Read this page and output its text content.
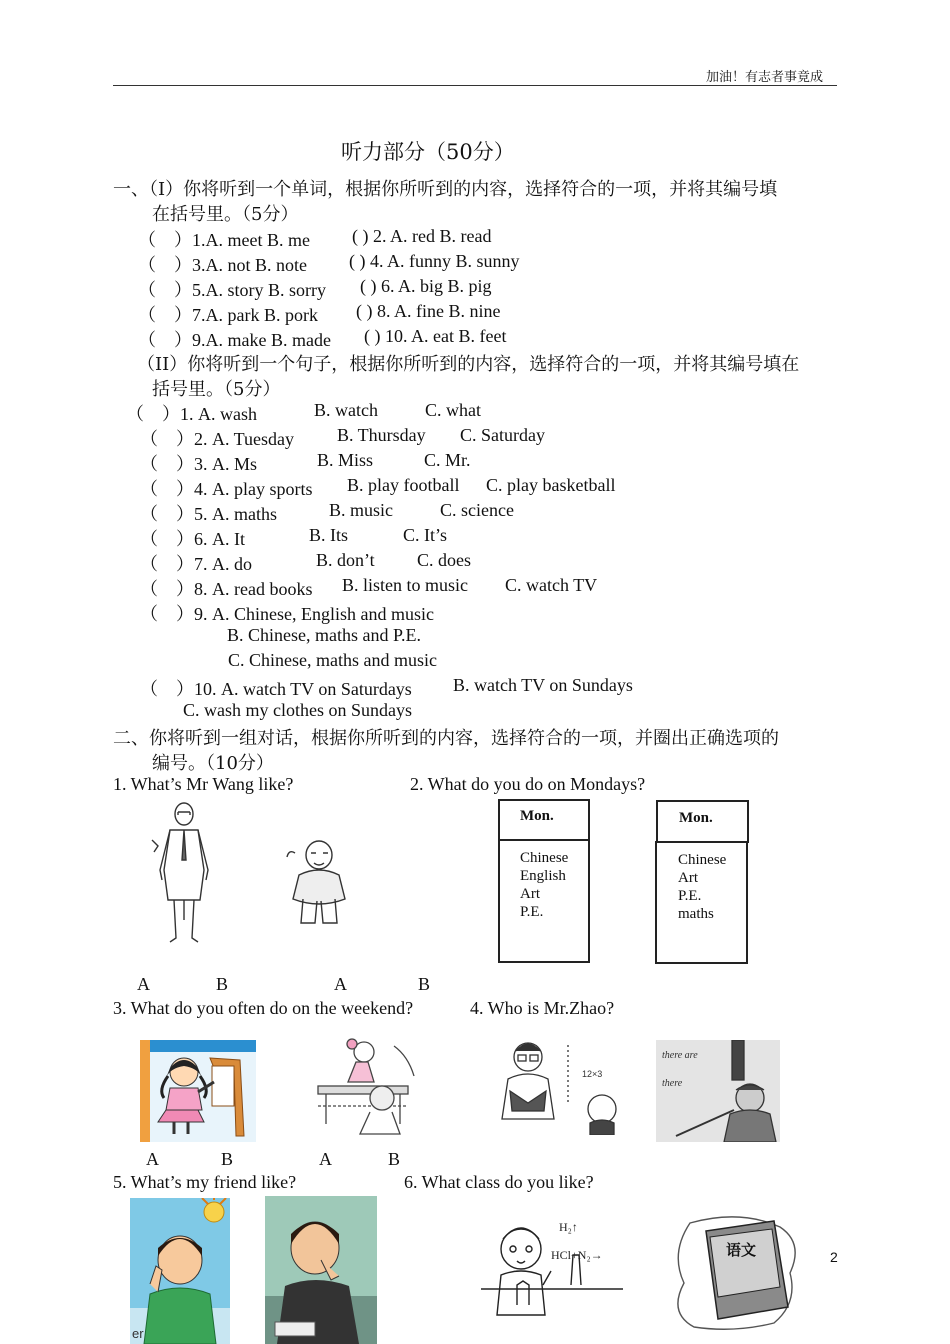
加油！有志者事竟成
听力部分（50分）
一、（I）你将听到一个单词，根据你所听到的内容，选择符合的一项，并将其编号填
在括号里。（5分）
（　）1.A. meet B. me ( ) 2. A. red B. read
（　）3.A. not B. note ( ) 4. A. funny B. sunny
（　）5.A. story B. sorry ( ) 6. A. big B. pig
（　）7.A. park B. pork ( ) 8. A. fine B. nine
（　）9.A. make B. made ( ) 10. A. eat B. feet
（II）你将听到一个句子，根据你所听到的内容，选择符合的一项，并将其编号填在
括号里。（5分）
（　）1. A. wash	B. watch	C. what
（　）2. A. Tuesday B. Thursday C. Saturday
（　）3. A. Ms	B. Miss	C. Mr.
（　）4. A. play sports B. play football C. play basketball
（　）5. A. maths	B. music	C. science
（　）6. A. It	B. Its	C. It’s
（　）7. A. do	B. don’t C. does
（　）8. A. read books B. listen to music C. watch TV
（　）9. A. Chinese, English and music
B. Chinese, maths and P.E.
C. Chinese, maths and music
（　）10. A. watch TV on Saturdays B. watch TV on Sundays
C. wash my clothes on Sundays
二、你将听到一组对话，根据你所听到的内容，选择符合的一项，并圈出正确选项的
编号。（10分）
1. What’s Mr Wang like?	2. What do you do on Mondays?
Mon.
Chinese
English
Art
P.E.
Mon.
Chinese
Art
P.E.
maths
A	B	A	B
3. What do you often do on the weekend?	4. Who is Mr.Zhao?
12×3
there are
there
A	B	A	B
5. What’s my friend like?	6. What class do you like?
er
H₂↑
HCl+N₂→	语文	2
